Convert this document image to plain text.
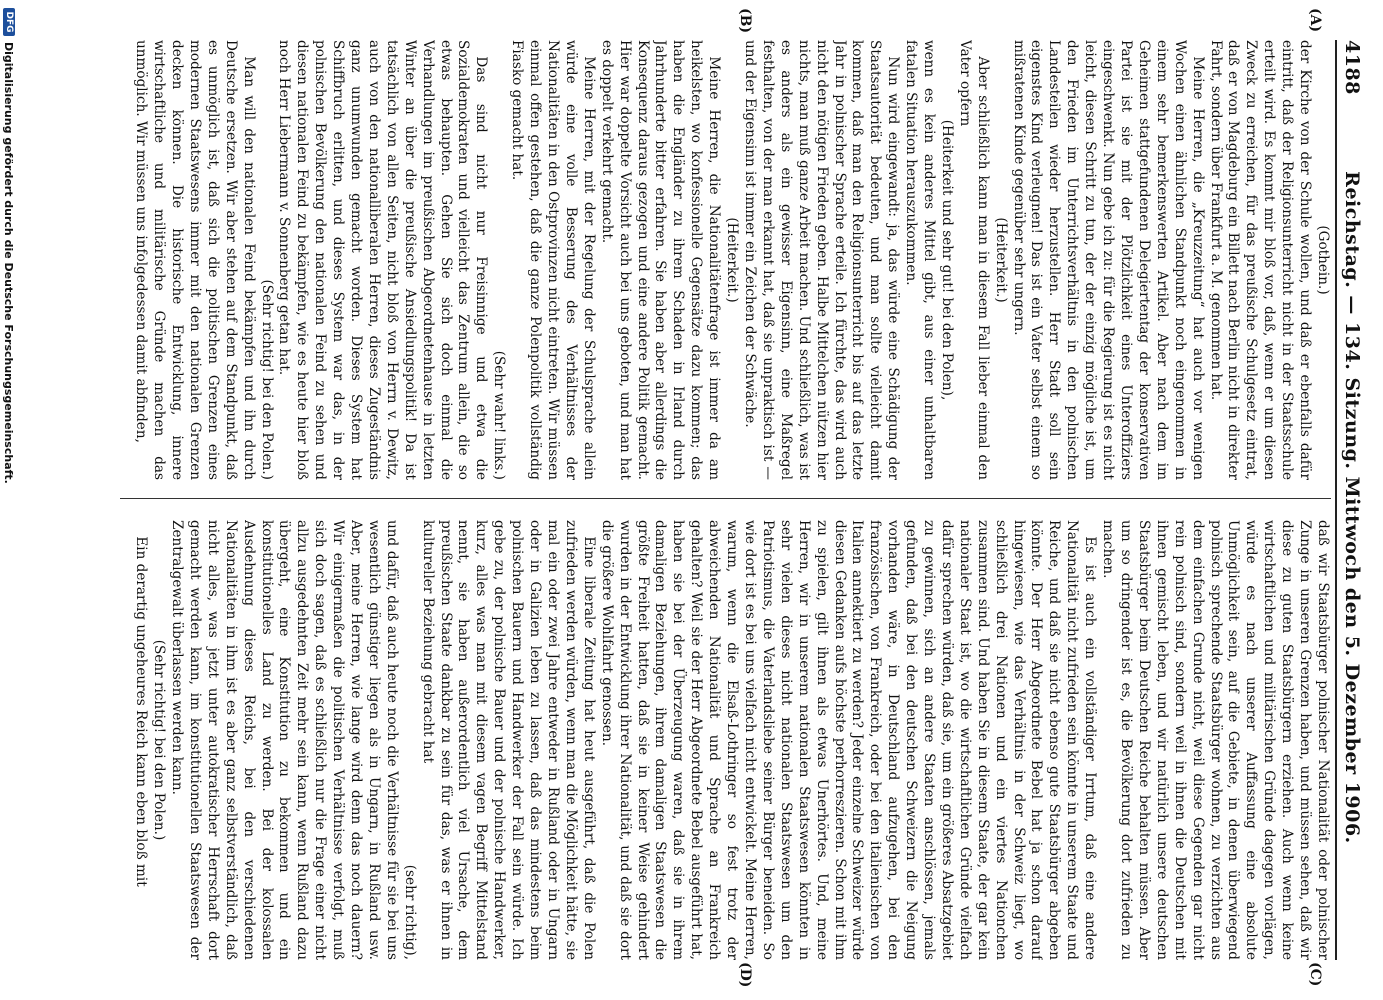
4188
Reichstag. — 134. Sitzung. Mittwoch den 5. Dezember 1906.
(A)
(B)
(C)
(D)

(Gothein.)

der Kirche von der Schule wollen, und daß er ebenfalls dafür eintritt, daß der Religionsunterricht nicht in der Staatsschule erteilt wird. Es kommt mir bloß vor, daß, wenn er um diesen Zweck zu erreichen, für das preußische Schulgesetz eintrat, daß er von Magdeburg ein Billett nach Berlin nicht in direkter Fahrt, sondern über Frankfurt a. M. genommen hat.

Meine Herren, die „Kreuzzeitung“ hat auch vor wenigen Wochen einen ähnlichen Standpunkt noch eingenommen in einem sehr bemerkenswerten Artikel. Aber nach dem im Geheimen stattgefundenen Delegiertentag der konservativen Partei ist sie mit der Plötzlichkeit eines Unteroffiziers eingeschwenkt. Nun gebe ich zu: für die Regierung ist es nicht leicht, diesen Schritt zu tun, der der einzig mögliche ist, um den Frieden im Unterrichtsverhältnis in den polnischen Landesteilen wieder herzustellen. Herr Stadt soll sein eigenstes Kind verleugnen! Das ist ein Vater selbst einem so mißratenen Kinde gegenüber sehr ungern.

(Heiterkeit.)

Aber schließlich kann man in diesem Fall lieber einmal den Vater opfern

(Heiterkeit und sehr gut! bei den Polen),

wenn es kein anderes Mittel gibt, aus einer unhaltbaren fatalen Situation herauszukommen.

Nun wird eingewandt: ja, das würde eine Schädigung der Staatsautorität bedeuten, und man sollte vielleicht damit kommen, daß man den Religionsunterricht bis auf das letzte Jahr in polnischer Sprache erteile. Ich fürchte, das wird auch nicht den nötigen Frieden geben. Halbe Mittelchen nützen hier nichts, man muß ganze Arbeit machen. Und schließlich, was ist es anders als ein gewisser Eigensinn, eine Maßregel festhalten, von der man erkannt hat, daß sie unpraktisch ist — und der Eigensinn ist immer ein Zeichen der Schwäche.

(Heiterkeit.)

Meine Herren, die Nationalitätenfrage ist immer da am heikelsten, wo konfessionelle Gegensätze dazu kommen; das haben die Engländer zu ihrem Schaden in Irland durch Jahrhunderte bitter erfahren. Sie haben aber allerdings die Konsequenz daraus gezogen und eine andere Politik gemacht. Hier war doppelte Vorsicht auch bei uns geboten, und man hat es doppelt verkehrt gemacht.

Meine Herren, mit der Regelung der Schulsprache allein würde eine volle Besserung des Verhältnisses der Nationalitäten in den Ostprovinzen nicht eintreten. Wir müssen einmal offen gestehen, daß die ganze Polenpolitik vollständig Fiasko gemacht hat.

(Sehr wahr! links.)

Das sind nicht nur Freisinnige und etwa die Sozialdemokraten und vielleicht das Zentrum allein, die so etwas behaupten. Gehen Sie sich doch einmal die Verhandlungen im preußischen Abgeordnetenhause in letzten Winter an über die preußische Ansiedlungspolitik! Da ist tatsächlich von allen Seiten, nicht bloß von Herrn v. Dewitz, auch von den nationalliberalen Herren, dieses Zugeständnis ganz unumwunden gemacht worden. Dieses System hat Schiffbruch erlitten, und dieses System war das, in der polnischen Bevölkerung den nationalen Feind zu sehen und diesen nationalen Feind zu bekämpfen, wie es heute hier bloß noch Herr Liebermann v. Sonnenberg getan hat.

(Sehr richtig! bei den Polen.)

Man will den nationalen Feind bekämpfen und ihn durch Deutsche ersetzen. Wir aber stehen auf dem Standpunkt, daß es unmöglich ist, daß sich die politischen Grenzen eines modernen Staatswesens immer mit den nationalen Grenzen decken können. Die historische Entwicklung, innere wirtschaftliche und militärische Gründe machen das unmöglich. Wir müssen uns infolgedessen damit abfinden,

daß wir Staatsbürger polnischer Nationalität oder polnischer Zunge in unseren Grenzen haben, und müssen sehen, daß wir diese zu guten Staatsbürgern erziehen. Auch wenn keine wirtschaftlichen und militärischen Gründe dagegen vorlägen, würde es nach unserer Auffassung eine absolute Unmöglichkeit sein, auf die Gebiete, in denen überwiegend polnisch sprechende Staatsbürger wohnen, zu verzichten aus dem einfachen Grunde nicht, weil diese Gegenden gar nicht rein polnisch sind, sondern weil in ihnen die Deutschen mit ihnen gemischt leben, und wir natürlich unsere deutschen Staatsbürger beim Deutschen Reiche behalten müssen. Aber um so dringender ist es, die Bevölkerung dort zufrieden zu machen.

Es ist auch ein vollständiger Irrtum, daß eine andere Nationalität nicht zufrieden sein könnte in unserem Staate und Reiche, und daß sie nicht ebenso gute Staatsbürger abgeben könnte. Der Herr Abgeordnete Bebel hat ja schon darauf hingewiesen, wie das Verhältnis in der Schweiz liegt, wo schließlich drei Nationen und ein viertes Nationchen zusammen sind. Und haben Sie in diesem Staate, der gar kein nationaler Staat ist, wo die wirtschaftlichen Gründe vielfach dafür sprechen würden, daß sie, um ein größeres Absatzgebiet zu gewinnen, sich an andere Staaten anschlössen, jemals gefunden, daß bei den deutschen Schweizern die Neigung vorhanden wäre, in Deutschland aufzugehen, bei den französischen, von Frankreich, oder bei den italienischen von Italien annektiert zu werden? Jeder einzelne Schweizer würde diesen Gedanken aufs höchste perhorreszieren. Schon mit ihm zu spielen, gilt ihnen als etwas Unerhörtes. Und, meine Herren, wir in unserem nationalen Staatswesen könnten in sehr vielen dieses nicht nationalen Staatswesen um den Patriotismus, die Vaterlandsliebe seiner Bürger beneiden. So wie dort ist es bei uns vielfach nicht entwickelt. Meine Herren, warum, wenn die Elsaß-Lothringer so fest trotz der abweichenden Nationalität und Sprache an Frankreich gehalten? Weil sie der Herr Abgeordnete Bebel ausgeführt hat, haben sie bei der Überzeugung waren, daß sie in ihrem damaligen Beziehungen, ihrem damaligen Staatswesen die größte Freiheit hatten, daß sie in keiner Weise gehindert wurden in der Entwicklung ihrer Nationalität, und daß sie dort die größere Wohlfahrt genossen.

Eine liberale Zeitung hat heut ausgeführt, daß die Polen zufrieden werden würden, wenn man die Möglichkeit hätte, sie mal ein oder zwei Jahre entweder in Rußland oder in Ungarn oder in Galizien leben zu lassen, daß das mindestens beim polnischen Bauern und Handwerker der Fall sein würde. Ich gebe zu, der polnische Bauer und der polnische Handwerker, kurz, alles was man mit diesem vagen Begriff Mittelstand nennt, sie haben außerordentlich viel Ursache, dem preußischen Staate dankbar zu sein für das, was er ihnen in kultureller Beziehung gebracht hat

(sehr richtig),

und dafür, daß auch heute noch die Verhältnisse für sie bei uns wesentlich günstiger liegen als in Ungarn, in Rußland usw. Aber, meine Herren, wie lange wird denn das noch dauern? Wir einigermaßen die politischen Verhältnisse verfolgt, muß sich doch sagen, daß es schließlich nur die Frage einer nicht allzu ausgedehnten Zeit mehr sein kann, wenn Rußland dazu übergeht, eine Konstitution zu bekommen und ein konstitutionelles Land zu werden. Bei der kolossalen Ausdehnung dieses Reichs, bei den verschiedenen Nationalitäten in ihm ist es aber ganz selbstverständlich, daß nicht alles, was jetzt unter autokratischer Herrschaft dort gemacht werden kann, im konstitutionellen Staatswesen der Zentralgewalt überlassen werden kann.

(Sehr richtig! bei den Polen.)

Ein derartig ungeheures Reich kann eben bloß mit

DFG
Digitalisierung gefördert durch die Deutsche Forschungsgemeinschaft.
